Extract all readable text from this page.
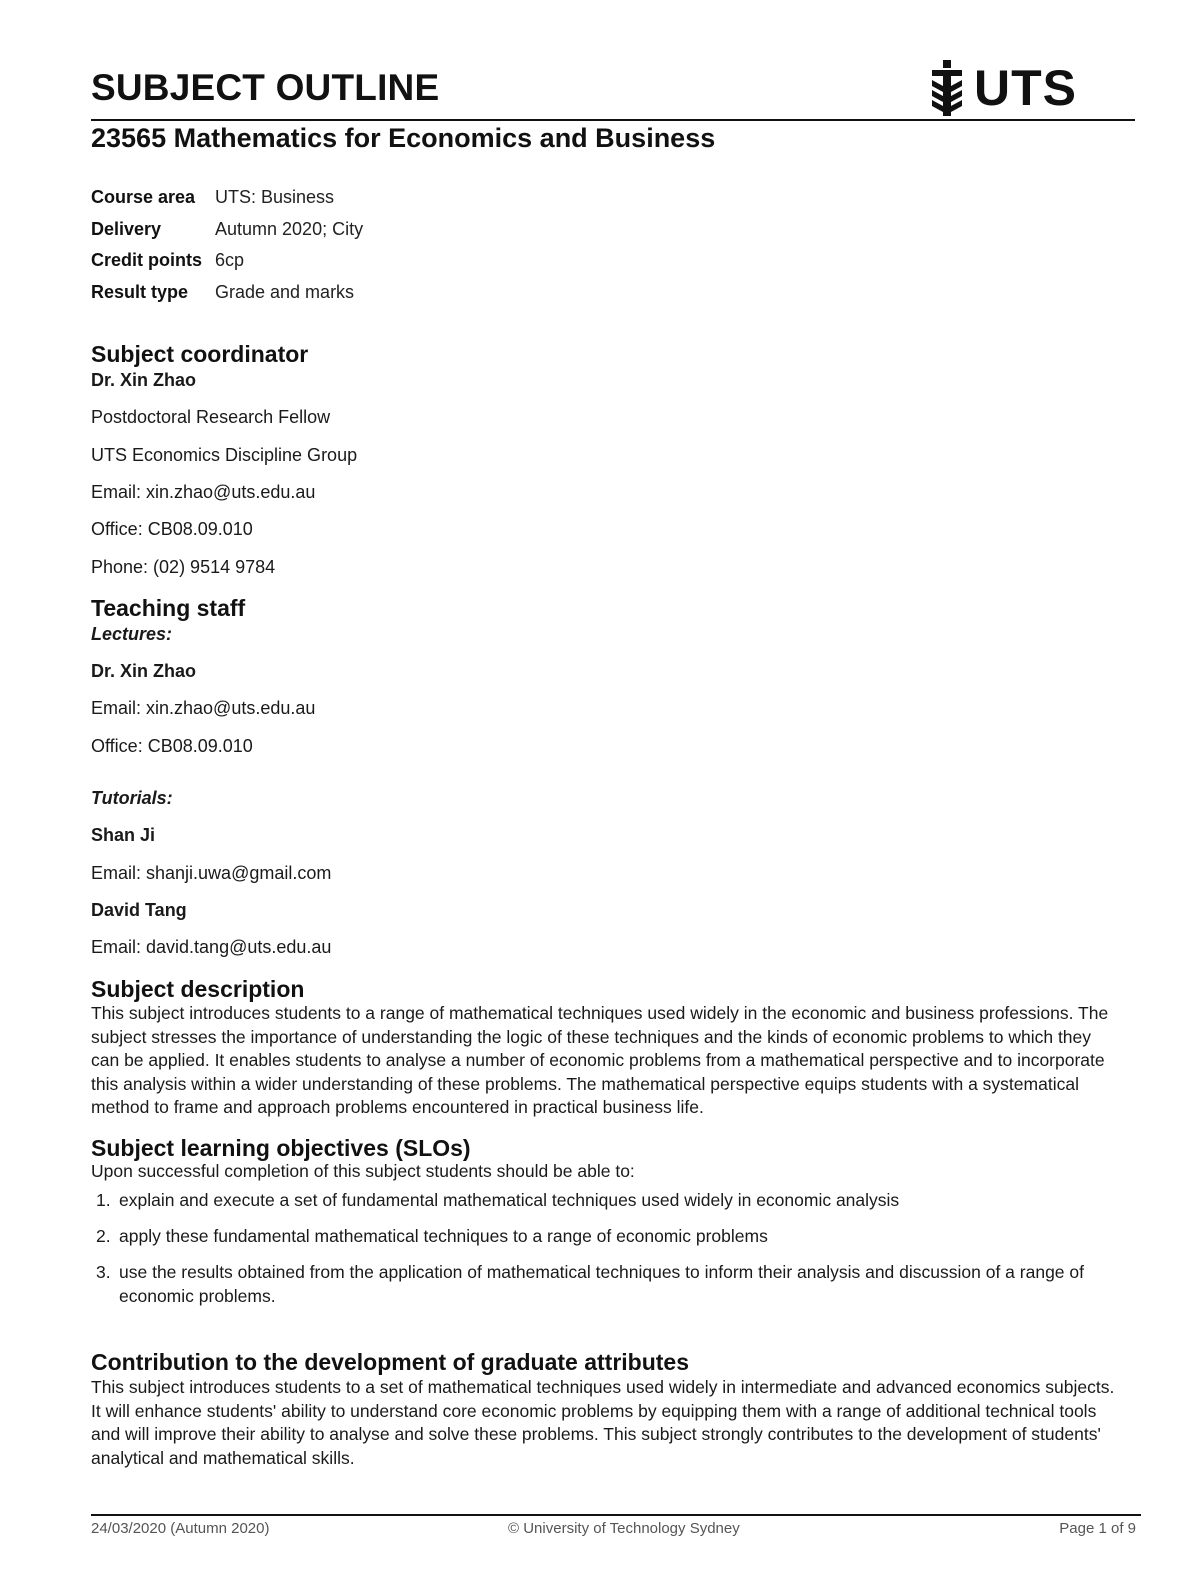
SUBJECT OUTLINE	UTS
23565 Mathematics for Economics and Business
Course area	UTS: Business
Delivery	Autumn 2020; City
Credit points	6cp
Result type	Grade and marks
Subject coordinator

Dr. Xin Zhao

Postdoctoral Research Fellow

UTS Economics Discipline Group

Email: xin.zhao@uts.edu.au

Office: CB08.09.010

Phone: (02) 9514 9784

Teaching staff

Lectures:

Dr. Xin Zhao

Email: xin.zhao@uts.edu.au

Office: CB08.09.010

Tutorials:

Shan Ji

Email: shanji.uwa@gmail.com

David Tang

Email: david.tang@uts.edu.au

Subject description

This subject introduces students to a range of mathematical techniques used widely in the economic and business professions. The subject stresses the importance of understanding the logic of these techniques and the kinds of economic problems to which they can be applied. It enables students to analyse a number of economic problems from a mathematical perspective and to incorporate this analysis within a wider understanding of these problems. The mathematical perspective equips students with a systematical method to frame and approach problems encountered in practical business life.

Subject learning objectives (SLOs)

Upon successful completion of this subject students should be able to:

1. explain and execute a set of fundamental mathematical techniques used widely in economic analysis
2. apply these fundamental mathematical techniques to a range of economic problems
3. use the results obtained from the application of mathematical techniques to inform their analysis and discussion of a range of economic problems.
Contribution to the development of graduate attributes

This subject introduces students to a set of mathematical techniques used widely in intermediate and advanced economics subjects. It will enhance students' ability to understand core economic problems by equipping them with a range of additional technical tools and will improve their ability to analyse and solve these problems. This subject strongly contributes to the development of students' analytical and mathematical skills.

24/03/2020 (Autumn 2020)	© University of Technology Sydney	Page 1 of 9
